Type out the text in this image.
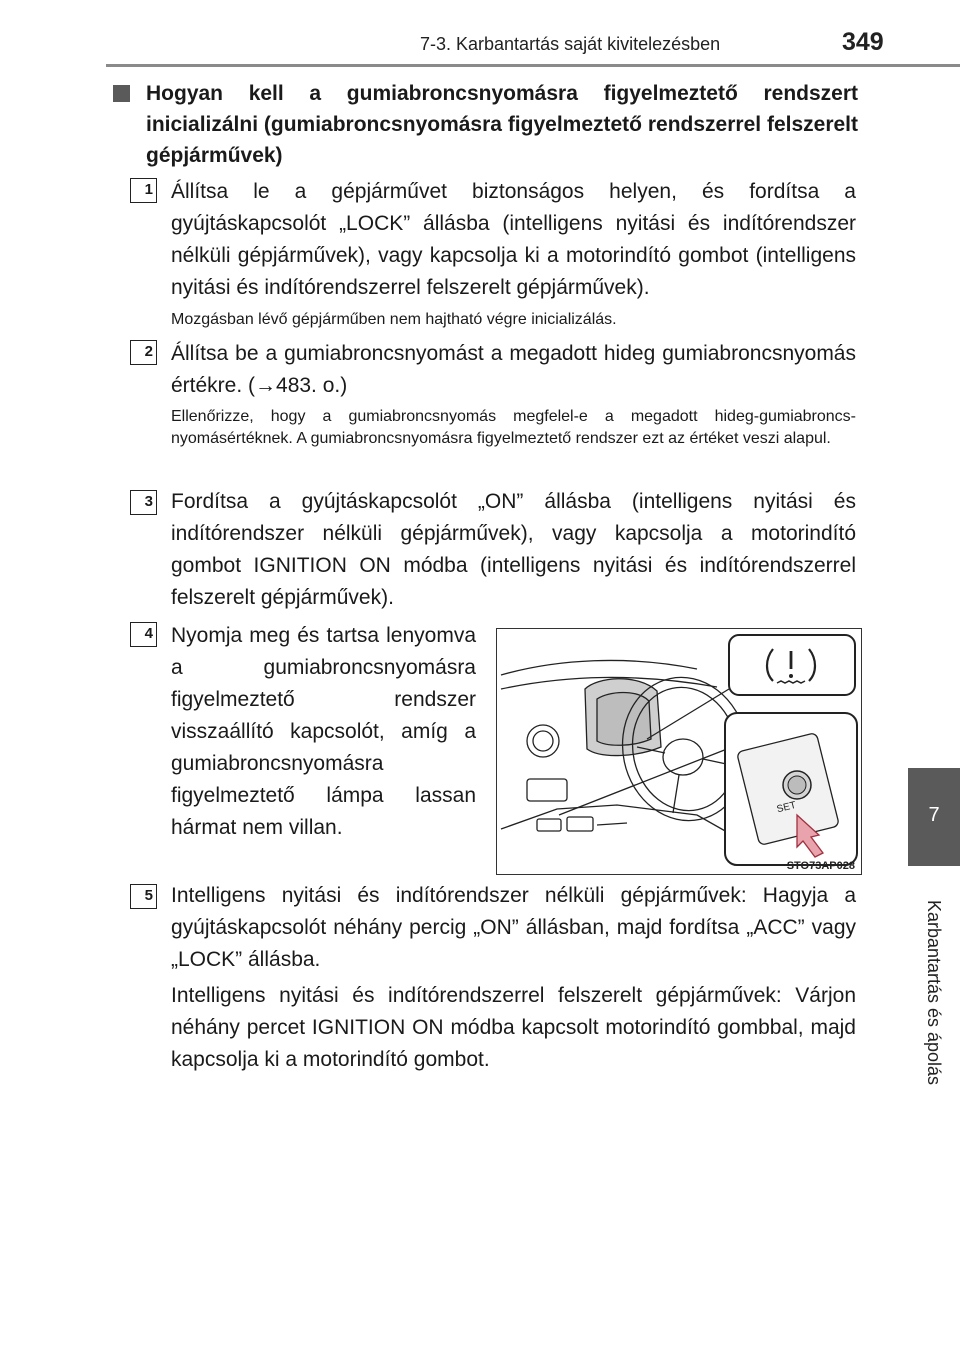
7-3. Karbantartás saját kivitelezésben	349
7
Karbantartás és ápolás
Hogyan kell a gumiabroncsnyomásra figyelmeztető rendszert inicializálni (gumiabroncsnyomásra figyelmeztető rendszerrel felszerelt gépjárművek)
1 Állítsa le a gépjárművet biztonságos helyen, és fordítsa a gyújtáskapcsolót „LOCK” állásba (intelligens nyitási és indítórendszer nélküli gépjárművek), vagy kapcsolja ki a motorindító gombot (intelligens nyitási és indítórendszerrel felszerelt gépjárművek).
Mozgásban lévő gépjárműben nem hajtható végre inicializálás.
2 Állítsa be a gumiabroncsnyomást a megadott hideg gumiabroncsnyomás értékre. (→483. o.)
Ellenőrizze, hogy a gumiabroncsnyomás megfelel-e a megadott hideg-gumiabroncs-nyomásértéknek. A gumiabroncsnyomásra figyelmeztető rendszer ezt az értéket veszi alapul.
3 Fordítsa a gyújtáskapcsolót „ON” állásba (intelligens nyitási és indítórendszer nélküli gépjárművek), vagy kapcsolja a motorindító gombot IGNITION ON módba (intelligens nyitási és indítórendszerrel felszerelt gépjárművek).
4 Nyomja meg és tartsa lenyomva a gumiabroncsnyomásra figyelmeztető rendszer visszaállító kapcsolót, amíg a gumiabroncsnyomásra figyelmeztető lámpa lassan hármat nem villan.
SET
STO73AP028
5 Intelligens nyitási és indítórendszer nélküli gépjárművek: Hagyja a gyújtáskapcsolót néhány percig „ON” állásban, majd fordítsa „ACC” vagy „LOCK” állásba.
Intelligens nyitási és indítórendszerrel felszerelt gépjárművek: Várjon néhány percet IGNITION ON módba kapcsolt motorindító gombbal, majd kapcsolja ki a motorindító gombot.
